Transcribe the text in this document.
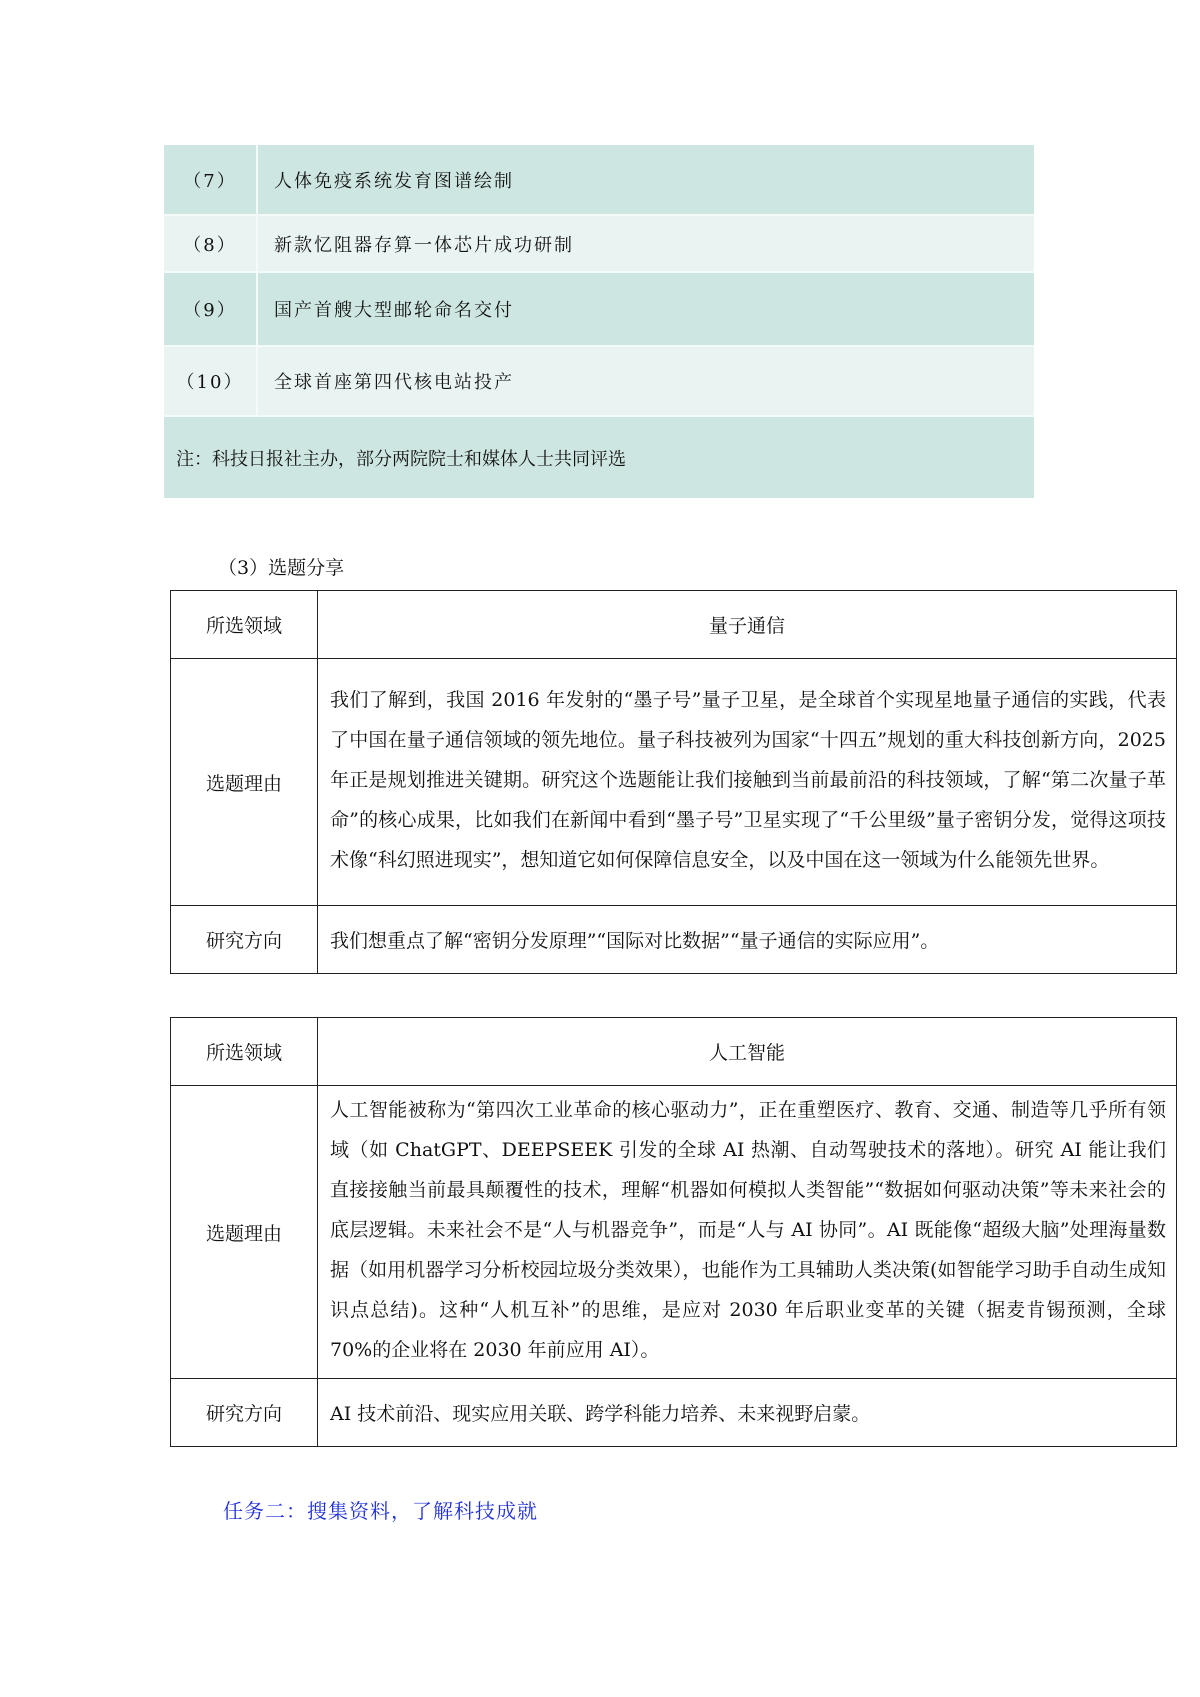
（7）	人体免疫系统发育图谱绘制
（8）	新款忆阻器存算一体芯片成功研制
（9）	国产首艘大型邮轮命名交付
（10）	全球首座第四代核电站投产
注：科技日报社主办，部分两院院士和媒体人士共同评选	
（3）选题分享
所选领域	量子通信
选题理由	我们了解到，我国 2016 年发射的“墨子号”量子卫星，是全球首个实现星地量子通信的实践，代表了中国在量子通信领域的领先地位。量子科技被列为国家“十四五”规划的重大科技创新方向，2025 年正是规划推进关键期。研究这个选题能让我们接触到当前最前沿的科技领域，了解“第二次量子革命”的核心成果，比如我们在新闻中看到“墨子号”卫星实现了“千公里级”量子密钥分发，觉得这项技术像“科幻照进现实”，想知道它如何保障信息安全，以及中国在这一领域为什么能领先世界。
研究方向	我们想重点了解“密钥分发原理”“国际对比数据”“量子通信的实际应用”。
所选领域	人工智能
选题理由	人工智能被称为“第四次工业革命的核心驱动力”，正在重塑医疗、教育、交通、制造等几乎所有领域（如 ChatGPT、DEEPSEEK 引发的全球 AI 热潮、自动驾驶技术的落地）。研究 AI 能让我们直接接触当前最具颠覆性的技术，理解“机器如何模拟人类智能”“数据如何驱动决策”等未来社会的底层逻辑。未来社会不是“人与机器竞争”，而是“人与 AI 协同”。AI 既能像“超级大脑”处理海量数据（如用机器学习分析校园垃圾分类效果），也能作为工具辅助人类决策(如智能学习助手自动生成知识点总结)。这种“人机互补”的思维，是应对 2030 年后职业变革的关键（据麦肯锡预测，全球 70%的企业将在 2030 年前应用 AI）。
研究方向	AI 技术前沿、现实应用关联、跨学科能力培养、未来视野启蒙。
任务二：搜集资料，了解科技成就
